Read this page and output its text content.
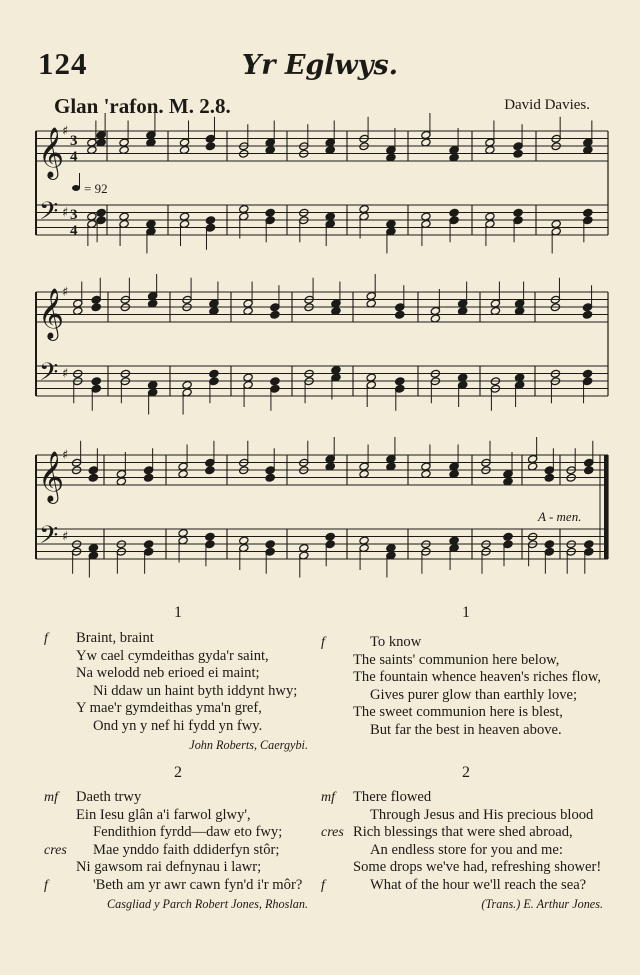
124	Yr Eglwys.
Glan 'rafon. M. 2.8.	David Davies.
= 92
A - men.
𝄞
𝄢
♯
♯
3
4
3
4
𝄞
𝄢
♯
♯
𝄞
𝄢
♯
♯
1
f Braint, braint
Yw cael cymdeithas gyda'r saint,
Na welodd neb erioed ei maint;
Ni ddaw un haint byth iddynt hwy;
Y mae'r gymdeithas yma'n gref,
Ond yn y nef hi fydd yn fwy.
John Roberts, Caergybi.
2
mf Daeth trwy
Ein Iesu glân a'i farwol glwy',
Fendithion fyrdd—daw eto fwy;
cres Mae ynddo faith ddiderfyn stôr;
Ni gawsom rai defnynau i lawr;
f	'Beth am yr awr cawn fyn'd i'r môr?
Casgliad y Parch Robert Jones, Rhoslan.
1
f	To know
The saints' communion here below,
The fountain whence heaven's riches flow,
Gives purer glow than earthly love;
The sweet communion here is blest,
But far the best in heaven above.
2
mf There flowed
Through Jesus and His precious blood
cres Rich blessings that were shed abroad,
An endless store for you and me:
Some drops we've had, refreshing shower!
f	What of the hour we'll reach the sea?
(Trans.) E. Arthur Jones.
